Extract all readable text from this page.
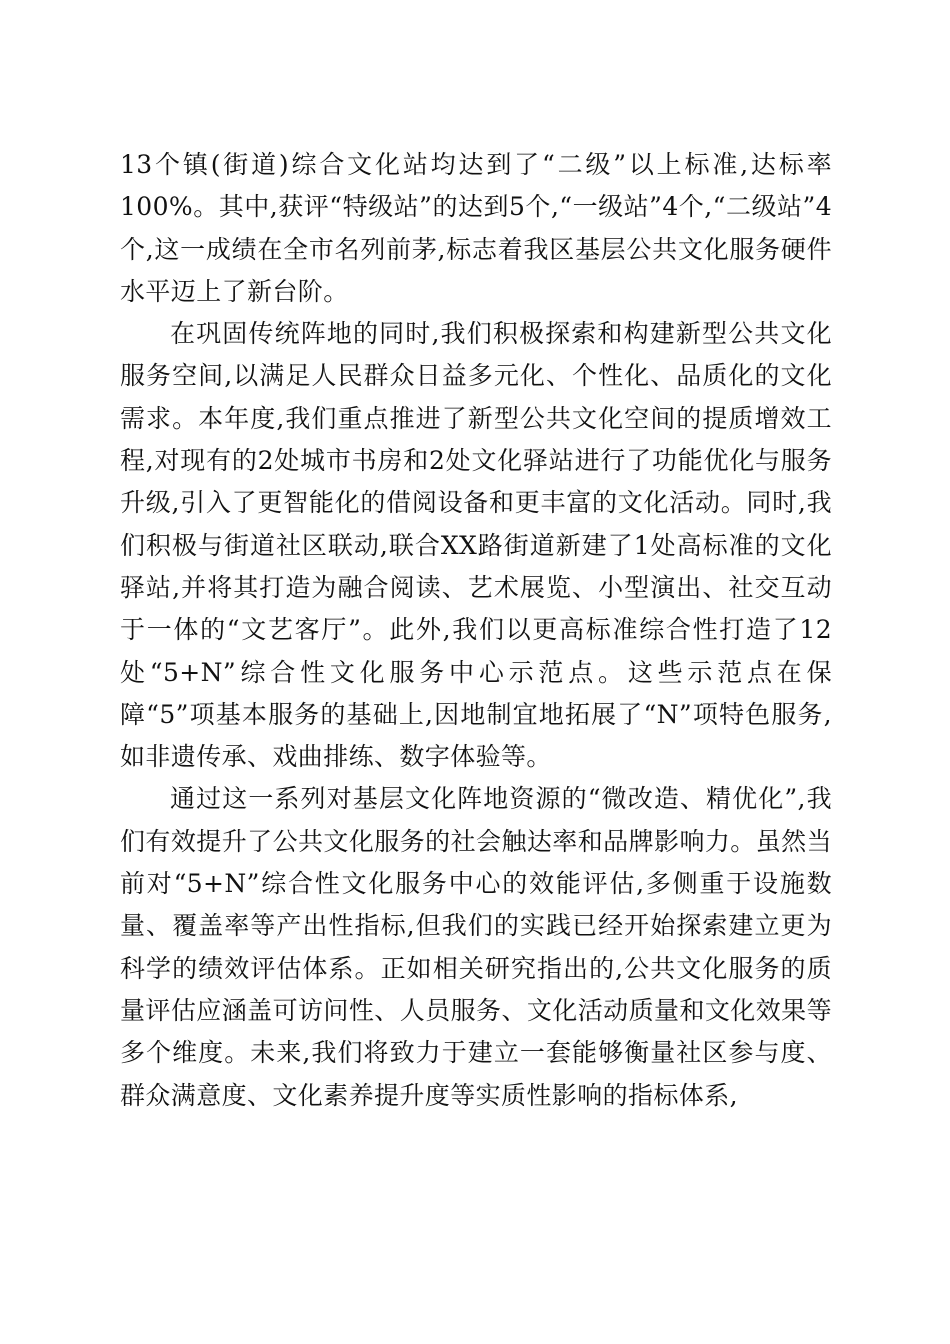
13个镇(街道)综合文化站均达到了“二级”以上标准,达标率100%。其中,获评“特级站”的达到5个,“一级站”4个,“二级站”4个,这一成绩在全市名列前茅,标志着我区基层公共文化服务硬件水平迈上了新台阶。

在巩固传统阵地的同时,我们积极探索和构建新型公共文化服务空间,以满足人民群众日益多元化、个性化、品质化的文化需求。本年度,我们重点推进了新型公共文化空间的提质增效工程,对现有的2处城市书房和2处文化驿站进行了功能优化与服务升级,引入了更智能化的借阅设备和更丰富的文化活动。同时,我们积极与街道社区联动,联合XX路街道新建了1处高标准的文化驿站,并将其打造为融合阅读、艺术展览、小型演出、社交互动于一体的“文艺客厅”。此外,我们以更高标准综合性打造了12处“5+N”综合性文化服务中心示范点。这些示范点在保障“5”项基本服务的基础上,因地制宜地拓展了“N”项特色服务,如非遗传承、戏曲排练、数字体验等。

通过这一系列对基层文化阵地资源的“微改造、精优化”,我们有效提升了公共文化服务的社会触达率和品牌影响力。虽然当前对“5+N”综合性文化服务中心的效能评估,多侧重于设施数量、覆盖率等产出性指标,但我们的实践已经开始探索建立更为科学的绩效评估体系。正如相关研究指出的,公共文化服务的质量评估应涵盖可访问性、人员服务、文化活动质量和文化效果等多个维度。未来,我们将致力于建立一套能够衡量社区参与度、群众满意度、文化素养提升度等实质性影响的指标体系,
